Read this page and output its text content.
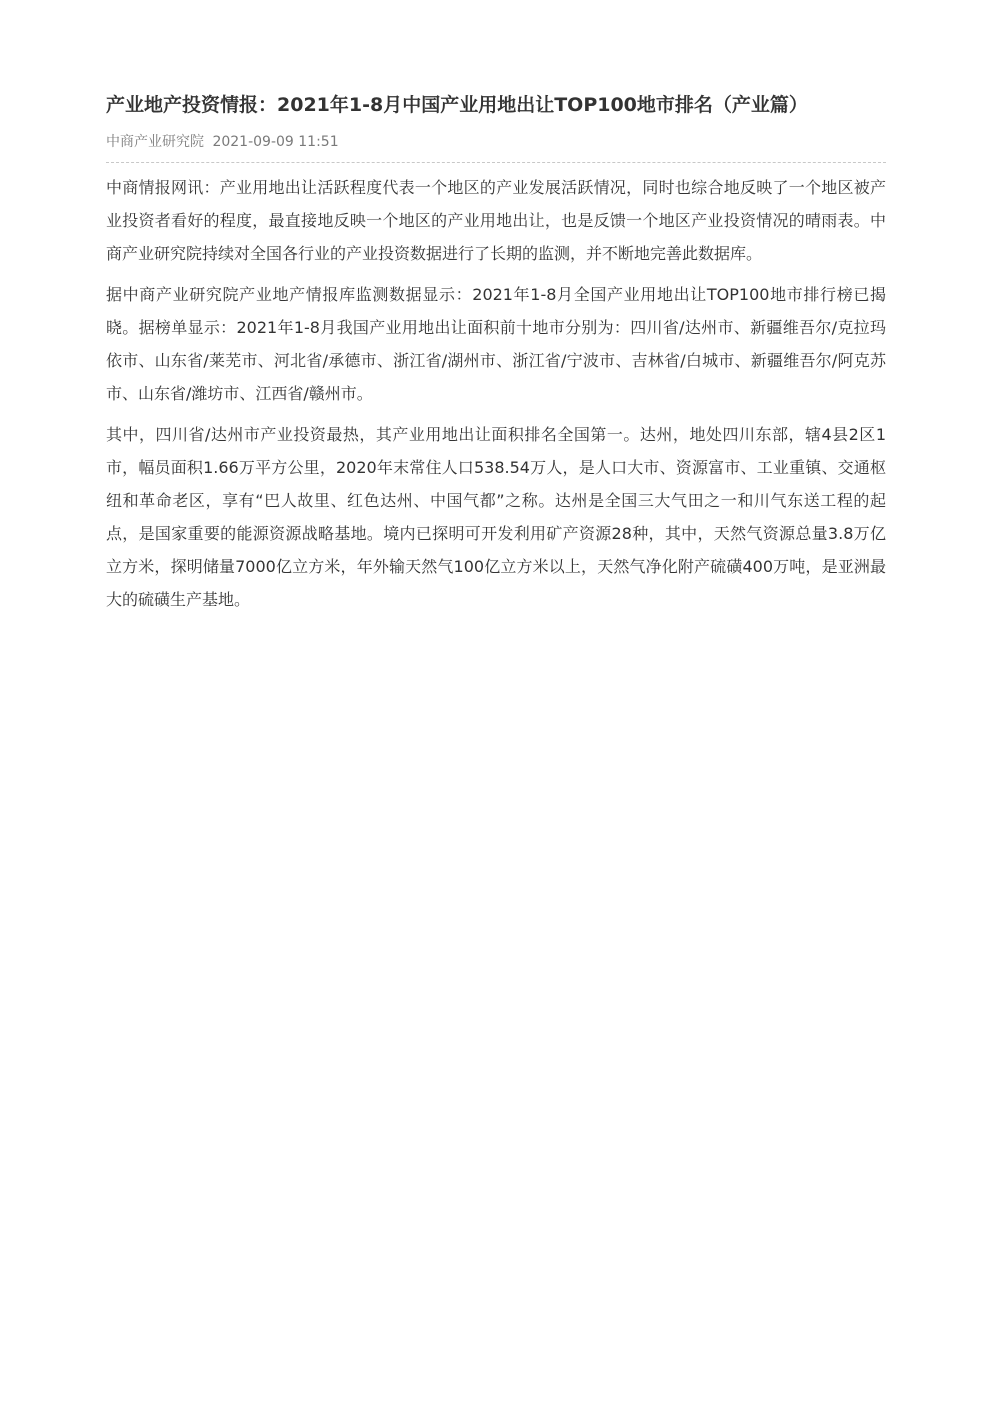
产业地产投资情报：2021年1-8月中国产业用地出让TOP100地市排名（产业篇）
中商产业研究院 2021-09-09 11:51

中商情报网讯：产业用地出让活跃程度代表一个地区的产业发展活跃情况，同时也综合地反映了一个地区被产业投资者看好的程度，最直接地反映一个地区的产业用地出让，也是反馈一个地区产业投资情况的晴雨表。中商产业研究院持续对全国各行业的产业投资数据进行了长期的监测，并不断地完善此数据库。

据中商产业研究院产业地产情报库监测数据显示：2021年1-8月全国产业用地出让TOP100地市排行榜已揭晓。据榜单显示：2021年1-8月我国产业用地出让面积前十地市分别为：四川省/达州市、新疆维吾尔/克拉玛依市、山东省/莱芜市、河北省/承德市、浙江省/湖州市、浙江省/宁波市、吉林省/白城市、新疆维吾尔/阿克苏市、山东省/潍坊市、江西省/赣州市。

其中，四川省/达州市产业投资最热，其产业用地出让面积排名全国第一。达州，地处四川东部，辖4县2区1市，幅员面积1.66万平方公里，2020年末常住人口538.54万人，是人口大市、资源富市、工业重镇、交通枢纽和革命老区，享有“巴人故里、红色达州、中国气都”之称。达州是全国三大气田之一和川气东送工程的起点，是国家重要的能源资源战略基地。境内已探明可开发利用矿产资源28种，其中，天然气资源总量3.8万亿立方米，探明储量7000亿立方米，年外输天然气100亿立方米以上，天然气净化附产硫磺400万吨，是亚洲最大的硫磺生产基地。
